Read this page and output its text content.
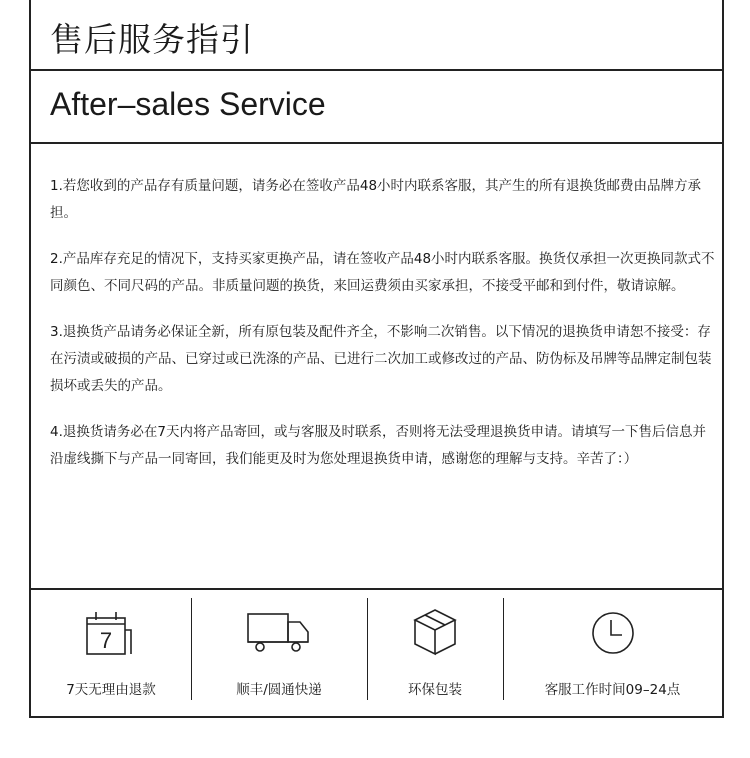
售后服务指引
After–sales Service

1.若您收到的产品存有质量问题，请务必在签收产品48小时内联系客服，其产生的所有退换货邮费由品牌方承担。

2.产品库存充足的情况下，支持买家更换产品，请在签收产品48小时内联系客服。换货仅承担一次更换同款式不同颜色、不同尺码的产品。非质量问题的换货，来回运费须由买家承担，不接受平邮和到付件，敬请谅解。

3.退换货产品请务必保证全新，所有原包装及配件齐全，不影响二次销售。以下情况的退换货申请恕不接受：存在污渍或破损的产品、已穿过或已洗涤的产品、已进行二次加工或修改过的产品、防伪标及吊牌等品牌定制包装损坏或丢失的产品。

4.退换货请务必在7天内将产品寄回，或与客服及时联系，否则将无法受理退换货申请。请填写一下售后信息并沿虚线撕下与产品一同寄回，我们能更及时为您处理退换货申请，感谢您的理解与支持。辛苦了：）

7
7天无理由退款	顺丰/圆通快递	环保包装	客服工作时间09–24点
